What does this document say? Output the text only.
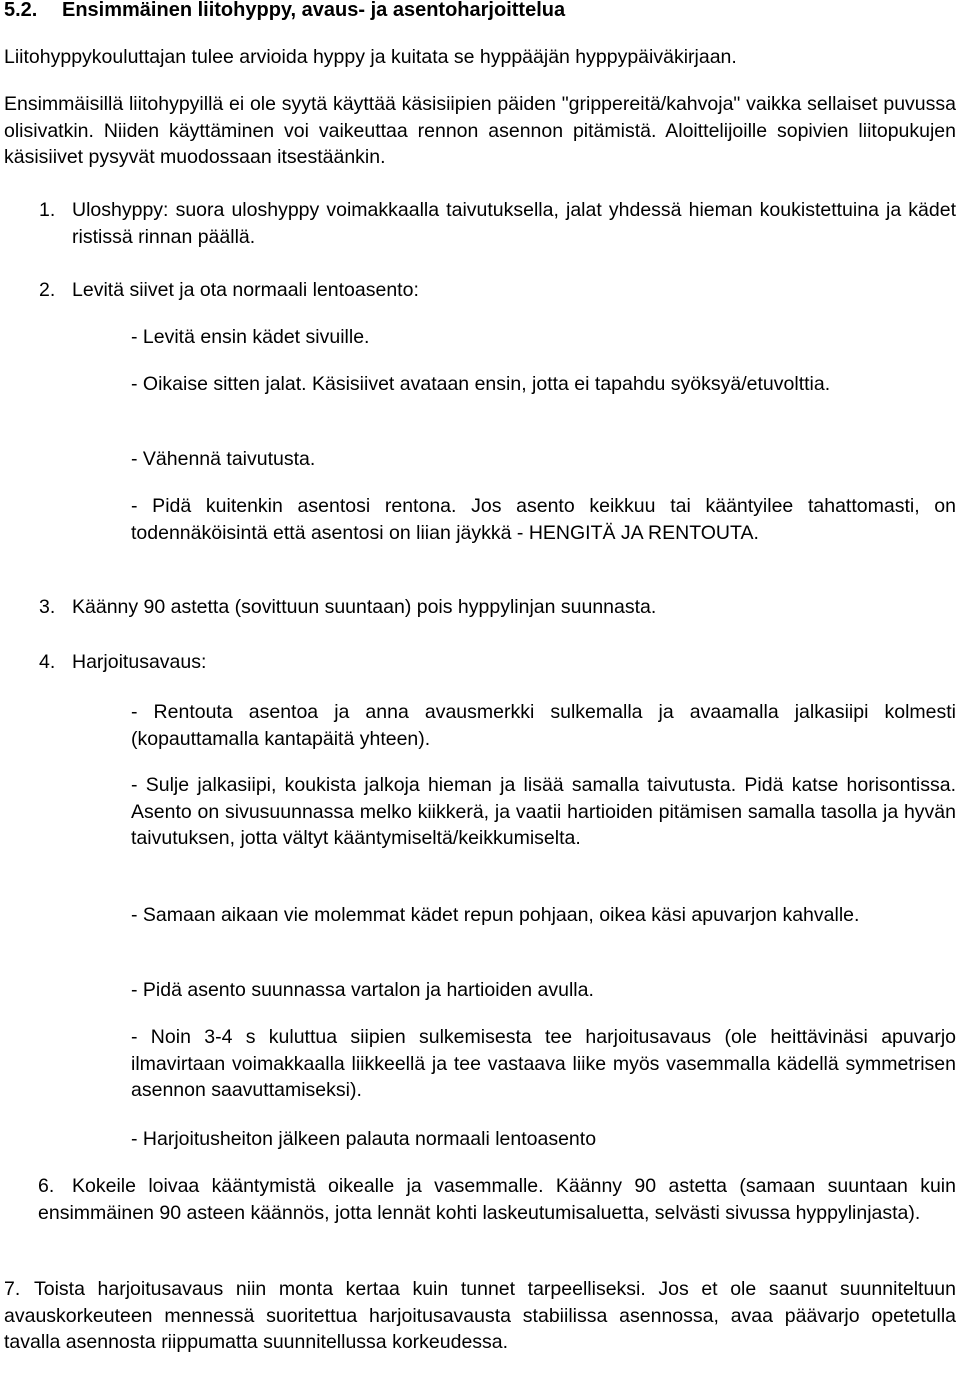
5.2. Ensimmäinen liitohyppy, avaus- ja asentoharjoittelua

Liitohyppykouluttajan tulee arvioida hyppy ja kuitata se hyppääjän hyppypäiväkirjaan.

Ensimmäisillä liitohypyillä ei ole syytä käyttää käsisiipien päiden "grippereitä/kahvoja" vaikka sellaiset puvussa olisivatkin. Niiden käyttäminen voi vaikeuttaa rennon asennon pitämistä. Aloittelijoille sopivien liitopukujen käsisiivet pysyvät muodossaan itsestäänkin.

1. Uloshyppy: suora uloshyppy voimakkaalla taivutuksella, jalat yhdessä hieman koukistettuina ja kädet ristissä rinnan päällä.

2. Levitä siivet ja ota normaali lentoasento:

- Levitä ensin kädet sivuille.

- Oikaise sitten jalat. Käsisiivet avataan ensin, jotta ei tapahdu syöksyä/etuvolttia.

- Vähennä taivutusta.

- Pidä kuitenkin asentosi rentona. Jos asento keikkuu tai kääntyilee tahattomasti, on todennäköisintä että asentosi on liian jäykkä - HENGITÄ JA RENTOUTA.

3. Käänny 90 astetta (sovittuun suuntaan) pois hyppylinjan suunnasta.

4. Harjoitusavaus:

- Rentouta asentoa ja anna avausmerkki sulkemalla ja avaamalla jalkasiipi kolmesti (kopauttamalla kantapäitä yhteen).

- Sulje jalkasiipi, koukista jalkoja hieman ja lisää samalla taivutusta. Pidä katse horisontissa. Asento on sivusuunnassa melko kiikkerä, ja vaatii hartioiden pitämisen samalla tasolla ja hyvän taivutuksen, jotta vältyt kääntymiseltä/keikkumiselta.

- Samaan aikaan vie molemmat kädet repun pohjaan, oikea käsi apuvarjon kahvalle.

- Pidä asento suunnassa vartalon ja hartioiden avulla.

- Noin 3-4 s kuluttua siipien sulkemisesta tee harjoitusavaus (ole heittävinäsi apuvarjo ilmavirtaan voimakkaalla liikkeellä ja tee vastaava liike myös vasemmalla kädellä symmetrisen asennon saavuttamiseksi).

- Harjoitusheiton jälkeen palauta normaali lentoasento

6. Kokeile loivaa kääntymistä oikealle ja vasemmalle. Käänny 90 astetta (samaan suuntaan kuin ensimmäinen 90 asteen käännös, jotta lennät kohti laskeutumisaluetta, selvästi sivussa hyppylinjasta).

7. Toista harjoitusavaus niin monta kertaa kuin tunnet tarpeelliseksi. Jos et ole saanut suunniteltuun avauskorkeuteen mennessä suoritettua harjoitusavausta stabiilissa asennossa, avaa päävarjo opetetulla tavalla asennosta riippumatta suunnitellussa korkeudessa.
